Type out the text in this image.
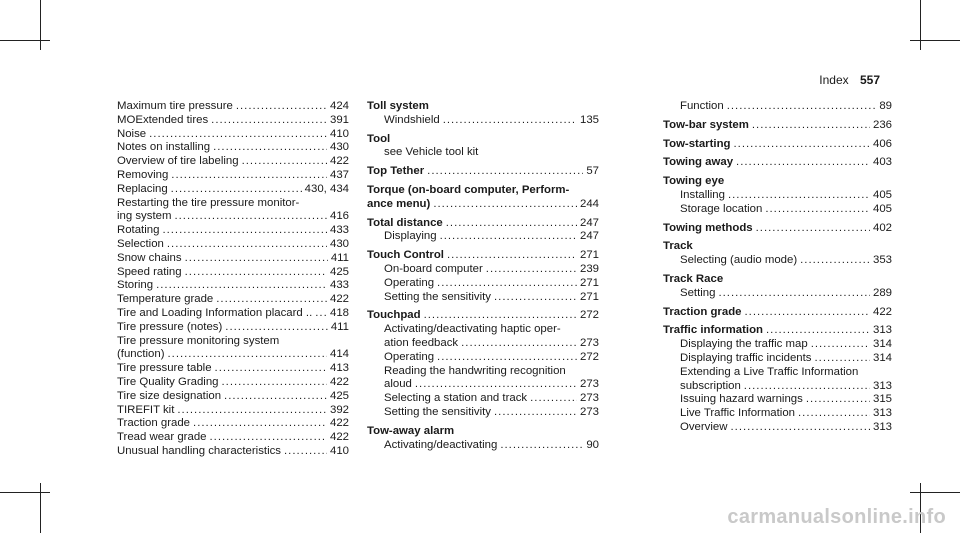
Index 557
Maximum tire pressure .....	424
MOExtended tires .....	391
Noise .....	410
Notes on installing .....	430
Overview of tire labeling .....	422
Removing .....	437
Replacing .....	430, 434
Restarting the tire pressure monitor-
ing system .....	416
Rotating .....	433
Selection .....	430
Snow chains .....	411
Speed rating .....	425
Storing .....	433
Temperature grade .....	422
Tire and Loading Information placard .. ..... 418
Tire pressure (notes) .....	411
Tire pressure monitoring system
(function) .....	414
Tire pressure table .....	413
Tire Quality Grading .....	422
Tire size designation .....	425
TIREFIT kit .....	392
Traction grade .....	422
Tread wear grade .....	422
Unusual handling characteristics .....	410
Toll system
Windshield .....	135
Tool
see Vehicle tool kit
Top Tether .....	57
Torque (on-board computer, Perform-
ance menu) .....	244
Total distance .....	247
Displaying .....	247
Touch Control .....	271
On-board computer .....	239
Operating .....	271
Setting the sensitivity .....	271
Touchpad .....	272
Activating/deactivating haptic oper-
ation feedback .....	273
Operating .....	272
Reading the handwriting recognition
aloud .....	273
Selecting a station and track .....	273
Setting the sensitivity .....	273
Tow-away alarm
Activating/deactivating .....	90
Function .....	89
Tow-bar system .....	236
Tow-starting .....	406
Towing away .....	403
Towing eye
Installing .....	405
Storage location .....	405
Towing methods .....	402
Track
Selecting (audio mode) .....	353
Track Race
Setting .....	289
Traction grade .....	422
Traffic information .....	313
Displaying the traffic map .....	314
Displaying traffic incidents .....	314
Extending a Live Traffic Information
subscription .....	313
Issuing hazard warnings .....	315
Live Traffic Information .....	313
Overview .....	313
carmanualsonline.info
